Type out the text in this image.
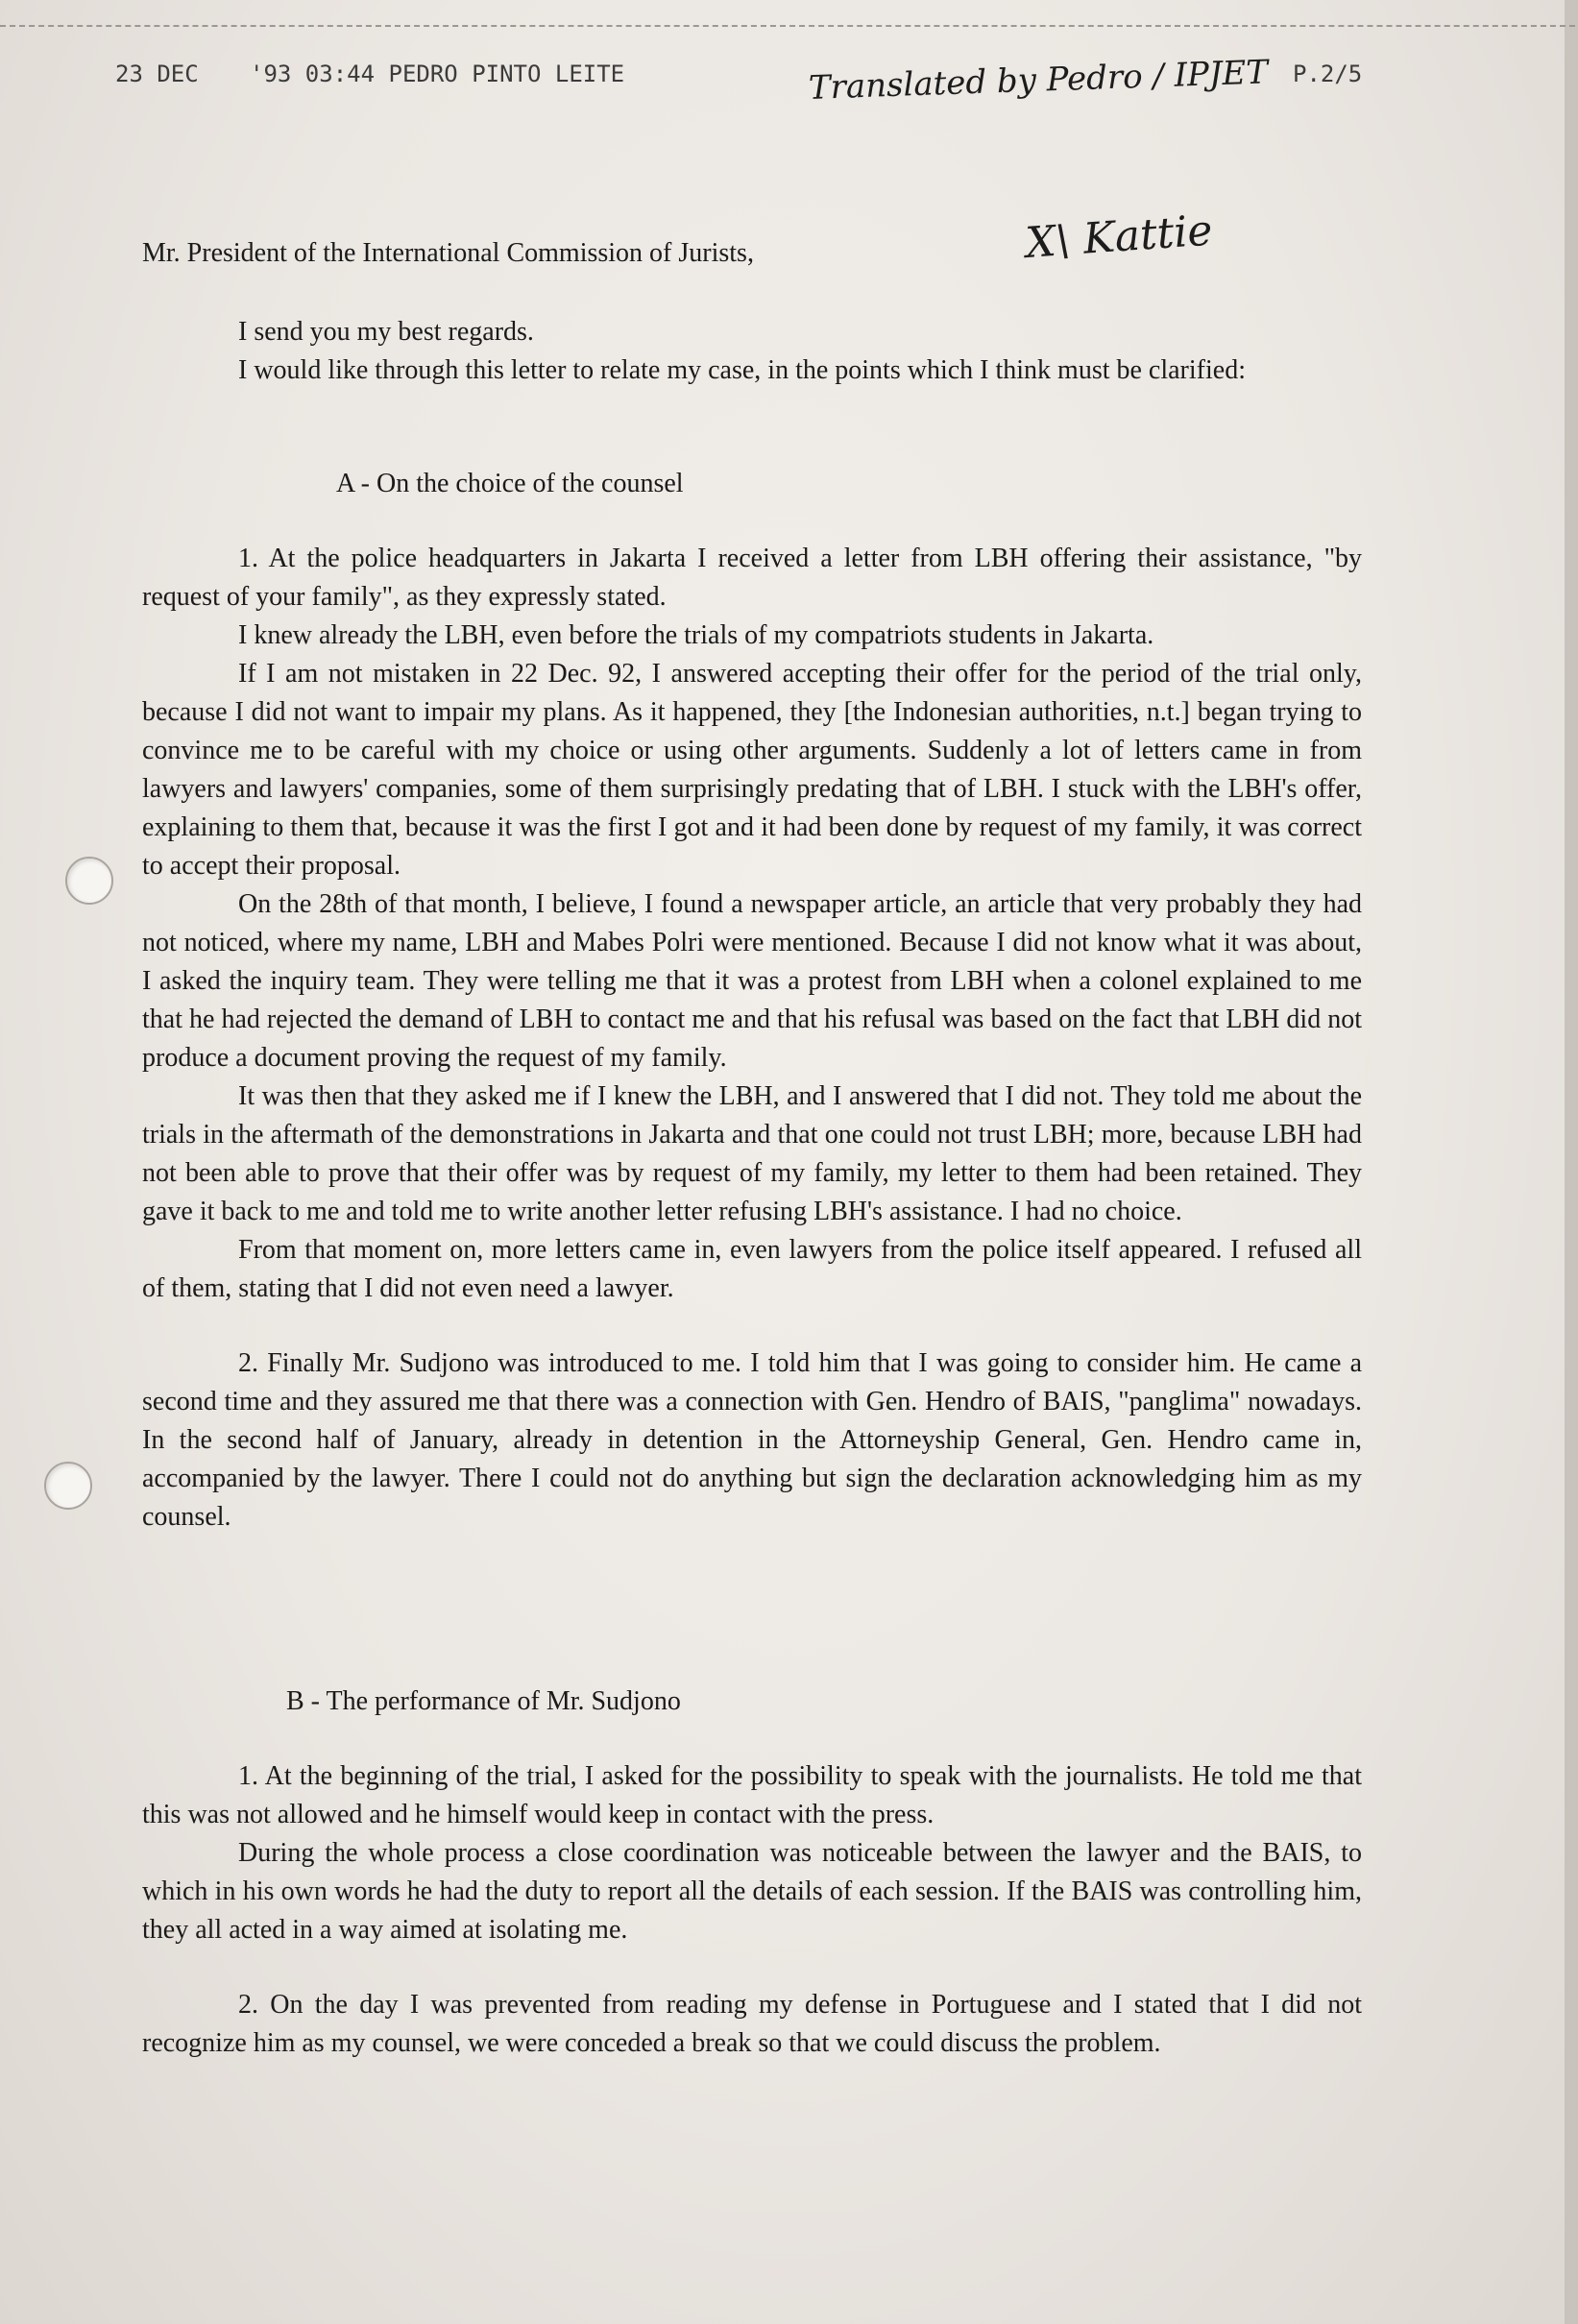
23 DEC '93 03:44 PEDRO PINTO LEITE	P.2/5
Translated by Pedro / IPJET
X\ Kattie

Mr. President of the International Commission of Jurists,

I send you my best regards.

I would like through this letter to relate my case, in the points which I think must be clarified:

A - On the choice of the counsel

1. At the police headquarters in Jakarta I received a letter from LBH offering their assistance, "by request of your family", as they expressly stated.

I knew already the LBH, even before the trials of my compatriots students in Jakarta.

If I am not mistaken in 22 Dec. 92, I answered accepting their offer for the period of the trial only, because I did not want to impair my plans. As it happened, they [the Indonesian authorities, n.t.] began trying to convince me to be careful with my choice or using other arguments. Suddenly a lot of letters came in from lawyers and lawyers' companies, some of them surprisingly predating that of LBH. I stuck with the LBH's offer, explaining to them that, because it was the first I got and it had been done by request of my family, it was correct to accept their proposal.

On the 28th of that month, I believe, I found a newspaper article, an article that very probably they had not noticed, where my name, LBH and Mabes Polri were mentioned. Because I did not know what it was about, I asked the inquiry team. They were telling me that it was a protest from LBH when a colonel explained to me that he had rejected the demand of LBH to contact me and that his refusal was based on the fact that LBH did not produce a document proving the request of my family.

It was then that they asked me if I knew the LBH, and I answered that I did not. They told me about the trials in the aftermath of the demonstrations in Jakarta and that one could not trust LBH; more, because LBH had not been able to prove that their offer was by request of my family, my letter to them had been retained. They gave it back to me and told me to write another letter refusing LBH's assistance. I had no choice.

From that moment on, more letters came in, even lawyers from the police itself appeared. I refused all of them, stating that I did not even need a lawyer.

2. Finally Mr. Sudjono was introduced to me. I told him that I was going to consider him. He came a second time and they assured me that there was a connection with Gen. Hendro of BAIS, "panglima" nowadays. In the second half of January, already in detention in the Attorneyship General, Gen. Hendro came in, accompanied by the lawyer. There I could not do anything but sign the declaration acknowledging him as my counsel.

B - The performance of Mr. Sudjono

1. At the beginning of the trial, I asked for the possibility to speak with the journalists. He told me that this was not allowed and he himself would keep in contact with the press.

During the whole process a close coordination was noticeable between the lawyer and the BAIS, to which in his own words he had the duty to report all the details of each session. If the BAIS was controlling him, they all acted in a way aimed at isolating me.

2. On the day I was prevented from reading my defense in Portuguese and I stated that I did not recognize him as my counsel, we were conceded a break so that we could discuss the problem.
